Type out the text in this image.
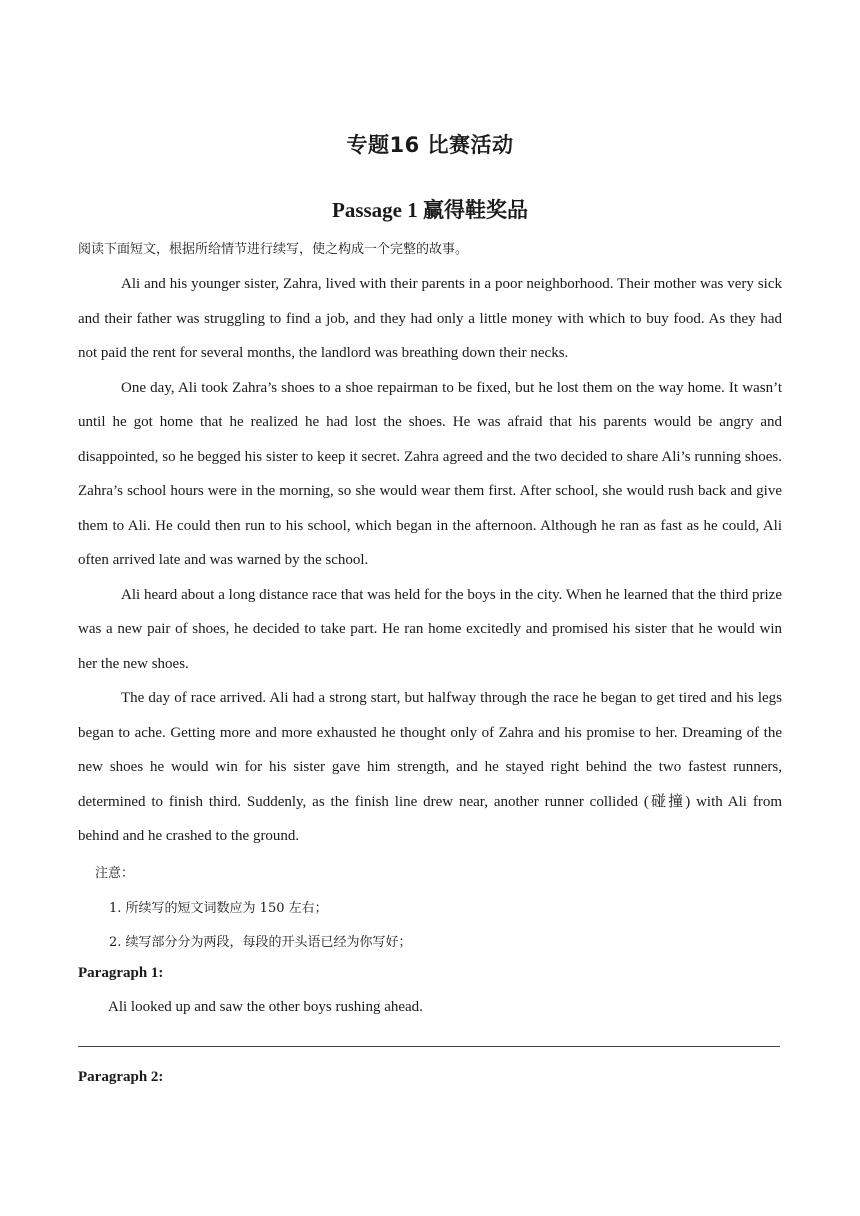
专题16 比赛活动
Passage 1 赢得鞋奖品
阅读下面短文，根据所给情节进行续写，使之构成一个完整的故事。

Ali and his younger sister, Zahra, lived with their parents in a poor neighborhood. Their mother was very sick and their father was struggling to find a job, and they had only a little money with which to buy food. As they had not paid the rent for several months, the landlord was breathing down their necks.

One day, Ali took Zahra’s shoes to a shoe repairman to be fixed, but he lost them on the way home. It wasn’t until he got home that he realized he had lost the shoes. He was afraid that his parents would be angry and disappointed, so he begged his sister to keep it secret. Zahra agreed and the two decided to share Ali’s running shoes. Zahra’s school hours were in the morning, so she would wear them first. After school, she would rush back and give them to Ali. He could then run to his school, which began in the afternoon. Although he ran as fast as he could, Ali often arrived late and was warned by the school.

Ali heard about a long distance race that was held for the boys in the city. When he learned that the third prize was a new pair of shoes, he decided to take part. He ran home excitedly and promised his sister that he would win her the new shoes.

The day of race arrived. Ali had a strong start, but halfway through the race he began to get tired and his legs began to ache. Getting more and more exhausted he thought only of Zahra and his promise to her. Dreaming of the new shoes he would win for his sister gave him strength, and he stayed right behind the two fastest runners, determined to finish third. Suddenly, as the finish line drew near, another runner collided (碰撞) with Ali from behind and he crashed to the ground.

注意：
1. 所续写的短文词数应为 150 左右；
2. 续写部分分为两段，每段的开头语已经为你写好；
Paragraph 1:
Ali looked up and saw the other boys rushing ahead.
Paragraph 2:
